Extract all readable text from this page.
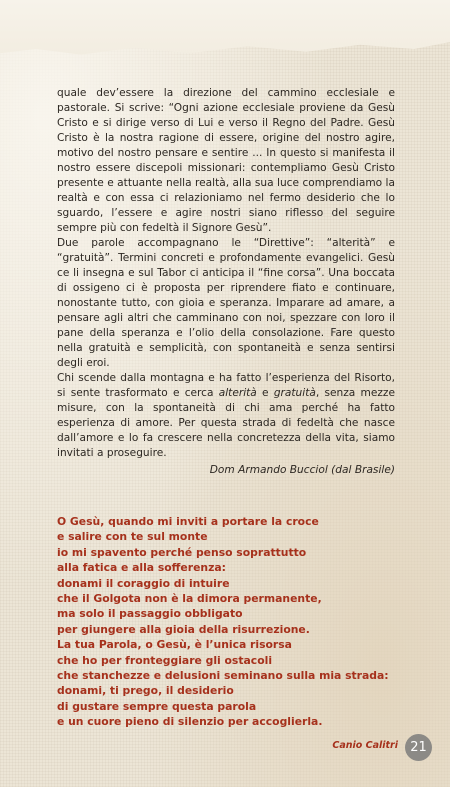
quale dev’essere la direzione del cammino ecclesiale e pastorale. Si scrive: “Ogni azione ecclesiale proviene da Gesù Cristo e si dirige verso di Lui e verso il Regno del Padre. Gesù Cristo è la nostra ragione di essere, origine del nostro agire, motivo del nostro pensare e sentire ... In questo si manifesta il nostro essere discepoli missionari: contempliamo Gesù Cristo presente e attuante nella realtà, alla sua luce comprendiamo la realtà e con essa ci relazioniamo nel fermo desiderio che lo sguardo, l’essere e agire nostri siano riflesso del seguire sempre più con fedeltà il Signore Gesù”.

Due parole accompagnano le “Direttive”: “alterità” e “gratuità”. Termini concreti e profondamente evangelici. Gesù ce li insegna e sul Tabor ci anticipa il “fine corsa”. Una boccata di ossigeno ci è proposta per riprendere fiato e continuare, nonostante tutto, con gioia e speranza. Imparare ad amare, a pensare agli altri che camminano con noi, spezzare con loro il pane della speranza e l’olio della consolazione. Fare questo nella gratuità e semplicità, con spontaneità e senza sentirsi degli eroi.

Chi scende dalla montagna e ha fatto l’esperienza del Risorto, si sente trasformato e cerca alterità e gratuità, senza mezze misure, con la spontaneità di chi ama perché ha fatto esperienza di amore. Per questa strada di fedeltà che nasce dall’amore e lo fa crescere nella concretezza della vita, siamo invitati a proseguire.

Dom Armando Bucciol (dal Brasile)

O Gesù, quando mi inviti a portare la croce
e salire con te sul monte
io mi spavento perché penso soprattutto
alla fatica e alla sofferenza:
donami il coraggio di intuire
che il Golgota non è la dimora permanente,
ma solo il passaggio obbligato
per giungere alla gioia della risurrezione.
La tua Parola, o Gesù, è l’unica risorsa
che ho per fronteggiare gli ostacoli
che stanchezze e delusioni seminano sulla mia strada:
donami, ti prego, il desiderio
di gustare sempre questa parola
e un cuore pieno di silenzio per accoglierla.
Canio Calitri 21
